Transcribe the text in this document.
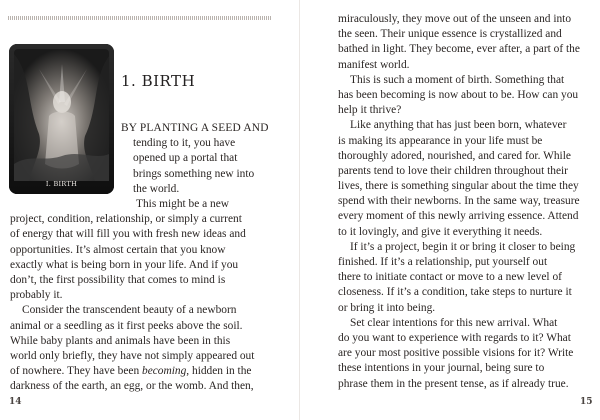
I. BIRTH
1. BIRTH
BY PLANTING A SEED AND
tending to it, you have
opened up a portal that
brings something new into
the world.
This might be a new
project, condition, relationship, or simply a current
of energy that will fill you with fresh new ideas and
opportunities. It’s almost certain that you know
exactly what is being born in your life. And if you
don’t, the first possibility that comes to mind is
probably it.
Consider the transcendent beauty of a newborn
animal or a seedling as it first peeks above the soil.
While baby plants and animals have been in this
world only briefly, they have not simply appeared out
of nowhere. They have been becoming, hidden in the
darkness of the earth, an egg, or the womb. And then,
14
miraculously, they move out of the unseen and into
the seen. Their unique essence is crystallized and
bathed in light. They become, ever after, a part of the
manifest world.
This is such a moment of birth. Something that
has been becoming is now about to be. How can you
help it thrive?
Like anything that has just been born, whatever
is making its appearance in your life must be
thoroughly adored, nourished, and cared for. While
parents tend to love their children throughout their
lives, there is something singular about the time they
spend with their newborns. In the same way, treasure
every moment of this newly arriving essence. Attend
to it lovingly, and give it everything it needs.
If it’s a project, begin it or bring it closer to being
finished. If it’s a relationship, put yourself out
there to initiate contact or move to a new level of
closeness. If it’s a condition, take steps to nurture it
or bring it into being.
Set clear intentions for this new arrival. What
do you want to experience with regards to it? What
are your most positive possible visions for it? Write
these intentions in your journal, being sure to
phrase them in the present tense, as if already true.
15
